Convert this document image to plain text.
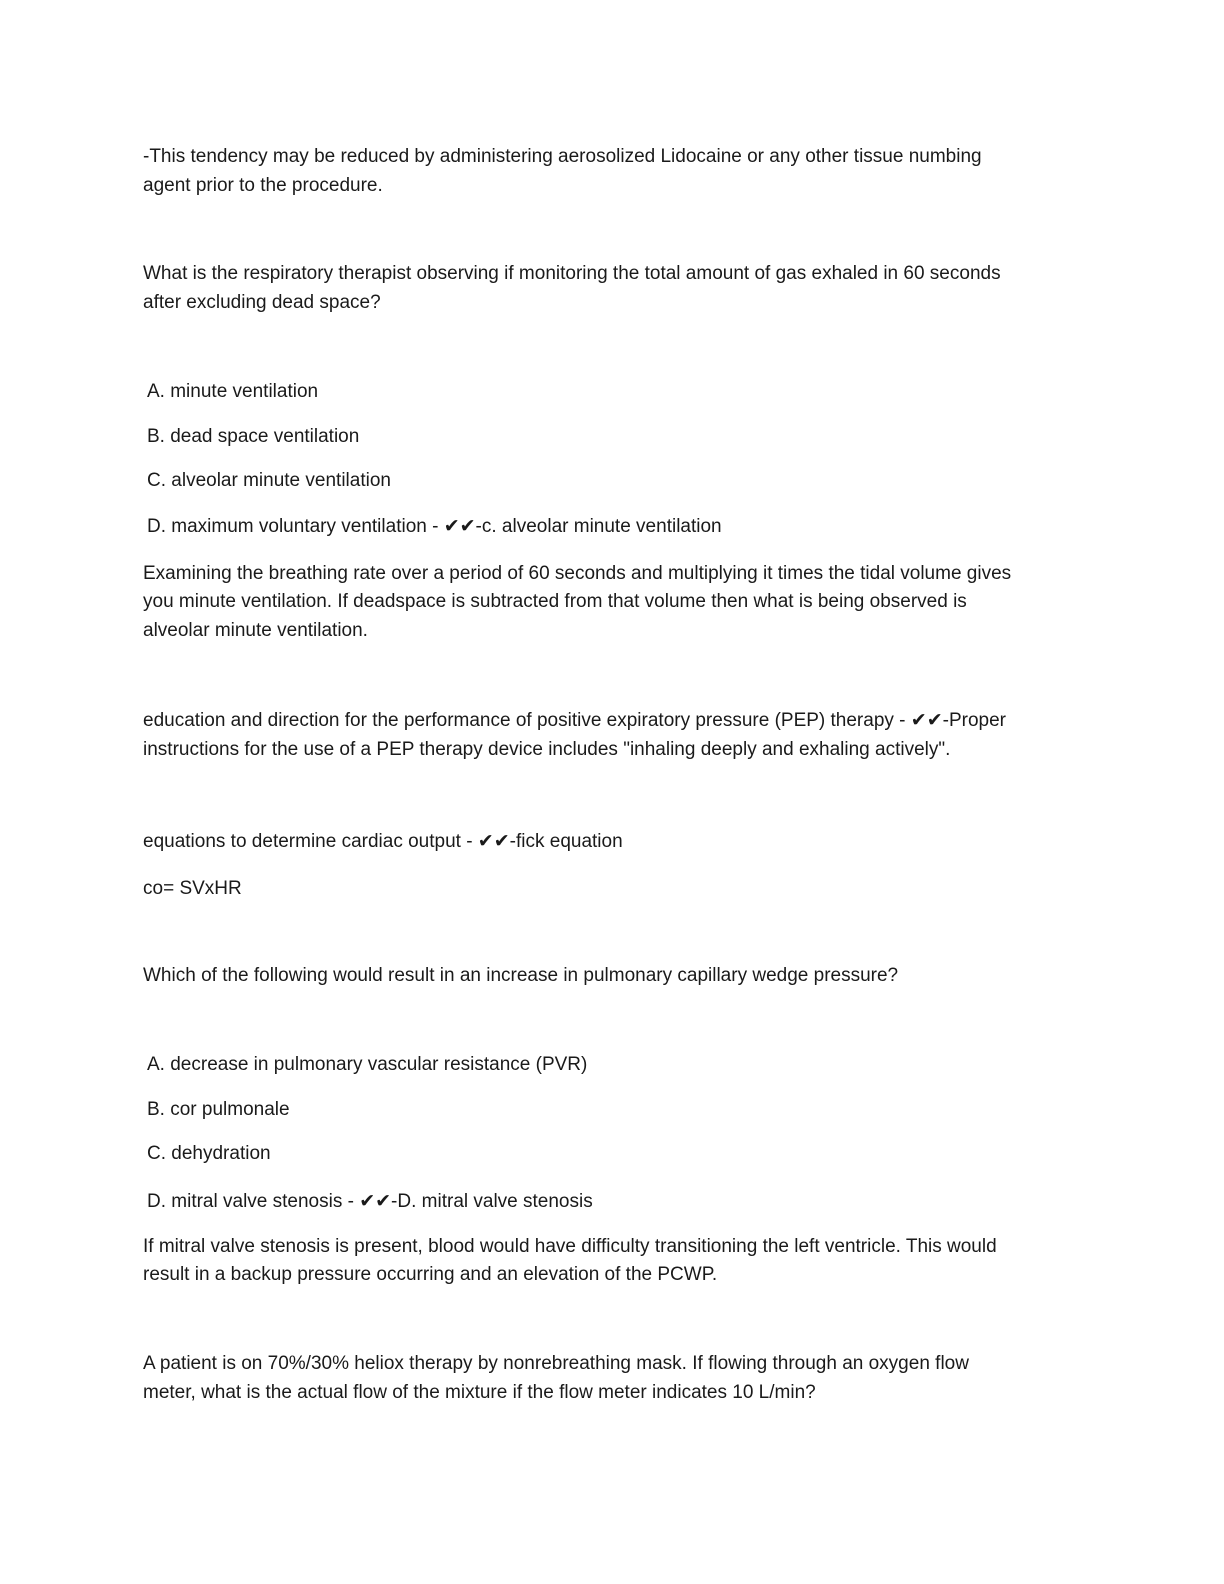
-This tendency may be reduced by administering aerosolized Lidocaine or any other tissue numbing
agent prior to the procedure.
What is the respiratory therapist observing if monitoring the total amount of gas exhaled in 60 seconds
after excluding dead space?
A. minute ventilation
B. dead space ventilation
C. alveolar minute ventilation
D. maximum voluntary ventilation - ✔✔-c. alveolar minute ventilation
Examining the breathing rate over a period of 60 seconds and multiplying it times the tidal volume gives
you minute ventilation. If deadspace is subtracted from that volume then what is being observed is
alveolar minute ventilation.
education and direction for the performance of positive expiratory pressure (PEP) therapy - ✔✔-Proper
instructions for the use of a PEP therapy device includes "inhaling deeply and exhaling actively".
equations to determine cardiac output - ✔✔-fick equation
co= SVxHR
Which of the following would result in an increase in pulmonary capillary wedge pressure?
A. decrease in pulmonary vascular resistance (PVR)
B. cor pulmonale
C. dehydration
D. mitral valve stenosis - ✔✔-D. mitral valve stenosis
If mitral valve stenosis is present, blood would have difficulty transitioning the left ventricle. This would
result in a backup pressure occurring and an elevation of the PCWP.
A patient is on 70%/30% heliox therapy by nonrebreathing mask. If flowing through an oxygen flow
meter, what is the actual flow of the mixture if the flow meter indicates 10 L/min?
